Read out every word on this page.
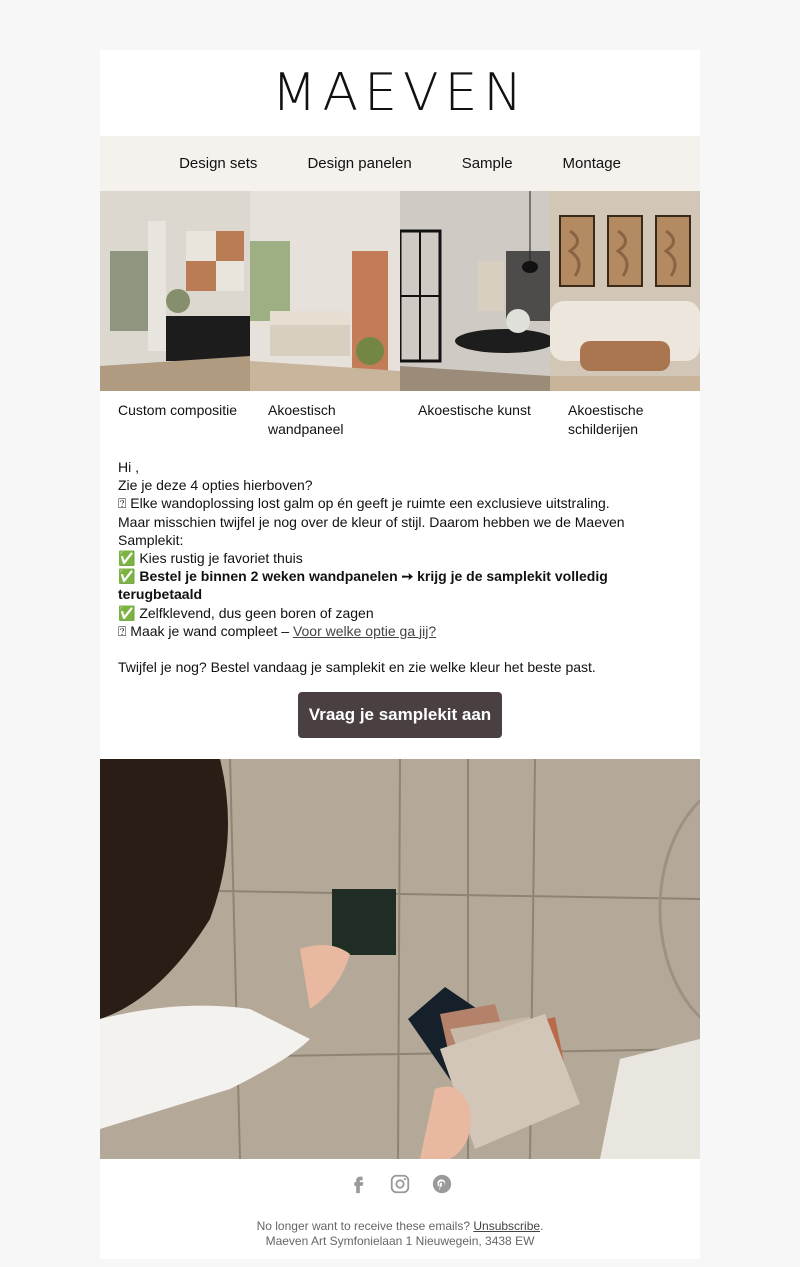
MAEVEN
Design sets	Design panelen	Sample	Montage
Custom compositie	Akoestisch wandpaneel
Akoestische kunst	Akoestische schilderijen
Hi ,
Zie je deze 4 opties hierboven?
⍰ Elke wandoplossing lost galm op én geeft je ruimte een exclusieve uitstraling.
Maar misschien twijfel je nog over de kleur of stijl. Daarom hebben we de Maeven Samplekit:
✅ Kies rustig je favoriet thuis
✅ Bestel je binnen 2 weken wandpanelen ➙ krijg je de samplekit volledig terugbetaald
✅ Zelfklevend, dus geen boren of zagen
⍰ Maak je wand compleet – Voor welke optie ga jij?
Twijfel je nog? Bestel vandaag je samplekit en zie welke kleur het beste past.
Vraag je samplekit aan
No longer want to receive these emails? Unsubscribe.
Maeven Art Symfonielaan 1 Nieuwegein, 3438 EW
